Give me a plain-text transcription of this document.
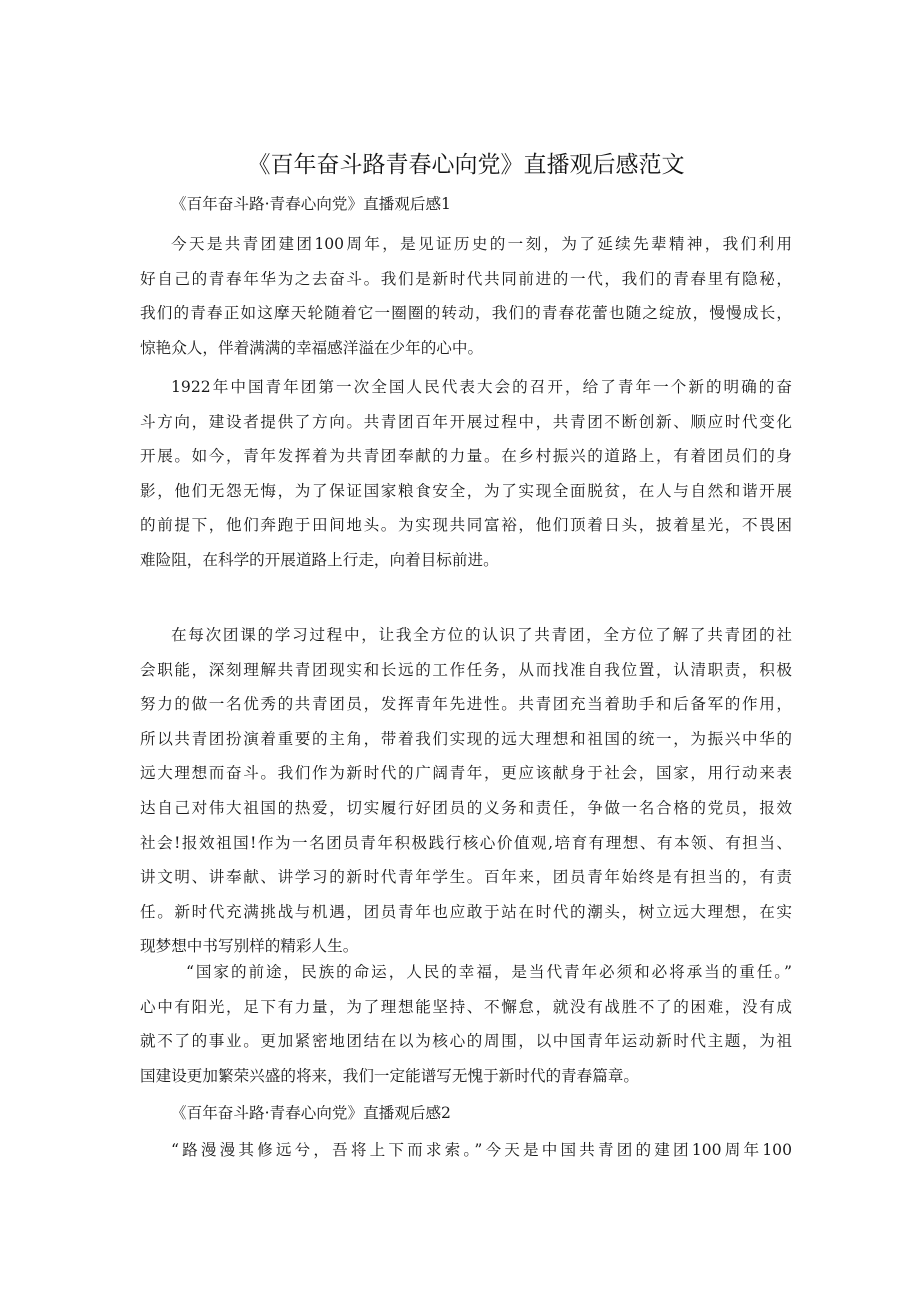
《百年奋斗路青春心向党》直播观后感范文

《百年奋斗路·青春心向党》直播观后感1

今天是共青团建团100周年，是见证历史的一刻，为了延续先辈精神，我们利用
好自己的青春年华为之去奋斗。我们是新时代共同前进的一代，我们的青春里有隐秘，
我们的青春正如这摩天轮随着它一圈圈的转动，我们的青春花蕾也随之绽放，慢慢成长，
惊艳众人，伴着满满的幸福感洋溢在少年的心中。
1922年中国青年团第一次全国人民代表大会的召开，给了青年一个新的明确的奋
斗方向，建设者提供了方向。共青团百年开展过程中，共青团不断创新、顺应时代变化
开展。如今，青年发挥着为共青团奉献的力量。在乡村振兴的道路上，有着团员们的身
影，他们无怨无悔，为了保证国家粮食安全，为了实现全面脱贫，在人与自然和谐开展
的前提下，他们奔跑于田间地头。为实现共同富裕，他们顶着日头，披着星光，不畏困
难险阻，在科学的开展道路上行走，向着目标前进。
在每次团课的学习过程中，让我全方位的认识了共青团，全方位了解了共青团的社
会职能，深刻理解共青团现实和长远的工作任务，从而找准自我位置，认清职责，积极
努力的做一名优秀的共青团员，发挥青年先进性。共青团充当着助手和后备军的作用，
所以共青团扮演着重要的主角，带着我们实现的远大理想和祖国的统一，为振兴中华的
远大理想而奋斗。我们作为新时代的广阔青年，更应该献身于社会，国家，用行动来表
达自己对伟大祖国的热爱，切实履行好团员的义务和责任，争做一名合格的党员，报效
社会!报效祖国!作为一名团员青年积极践行核心价值观,培育有理想、有本领、有担当、
讲文明、讲奉献、讲学习的新时代青年学生。百年来，团员青年始终是有担当的，有责
任。新时代充满挑战与机遇，团员青年也应敢于站在时代的潮头，树立远大理想，在实
现梦想中书写别样的精彩人生。
“国家的前途，民族的命运，人民的幸福，是当代青年必须和必将承当的重任。”
心中有阳光，足下有力量，为了理想能坚持、不懈怠，就没有战胜不了的困难，没有成
就不了的事业。更加紧密地团结在以为核心的周围，以中国青年运动新时代主题，为祖
国建设更加繁荣兴盛的将来，我们一定能谱写无愧于新时代的青春篇章。

《百年奋斗路·青春心向党》直播观后感2

“路漫漫其修远兮，吾将上下而求索。”今天是中国共青团的建团100周年100
